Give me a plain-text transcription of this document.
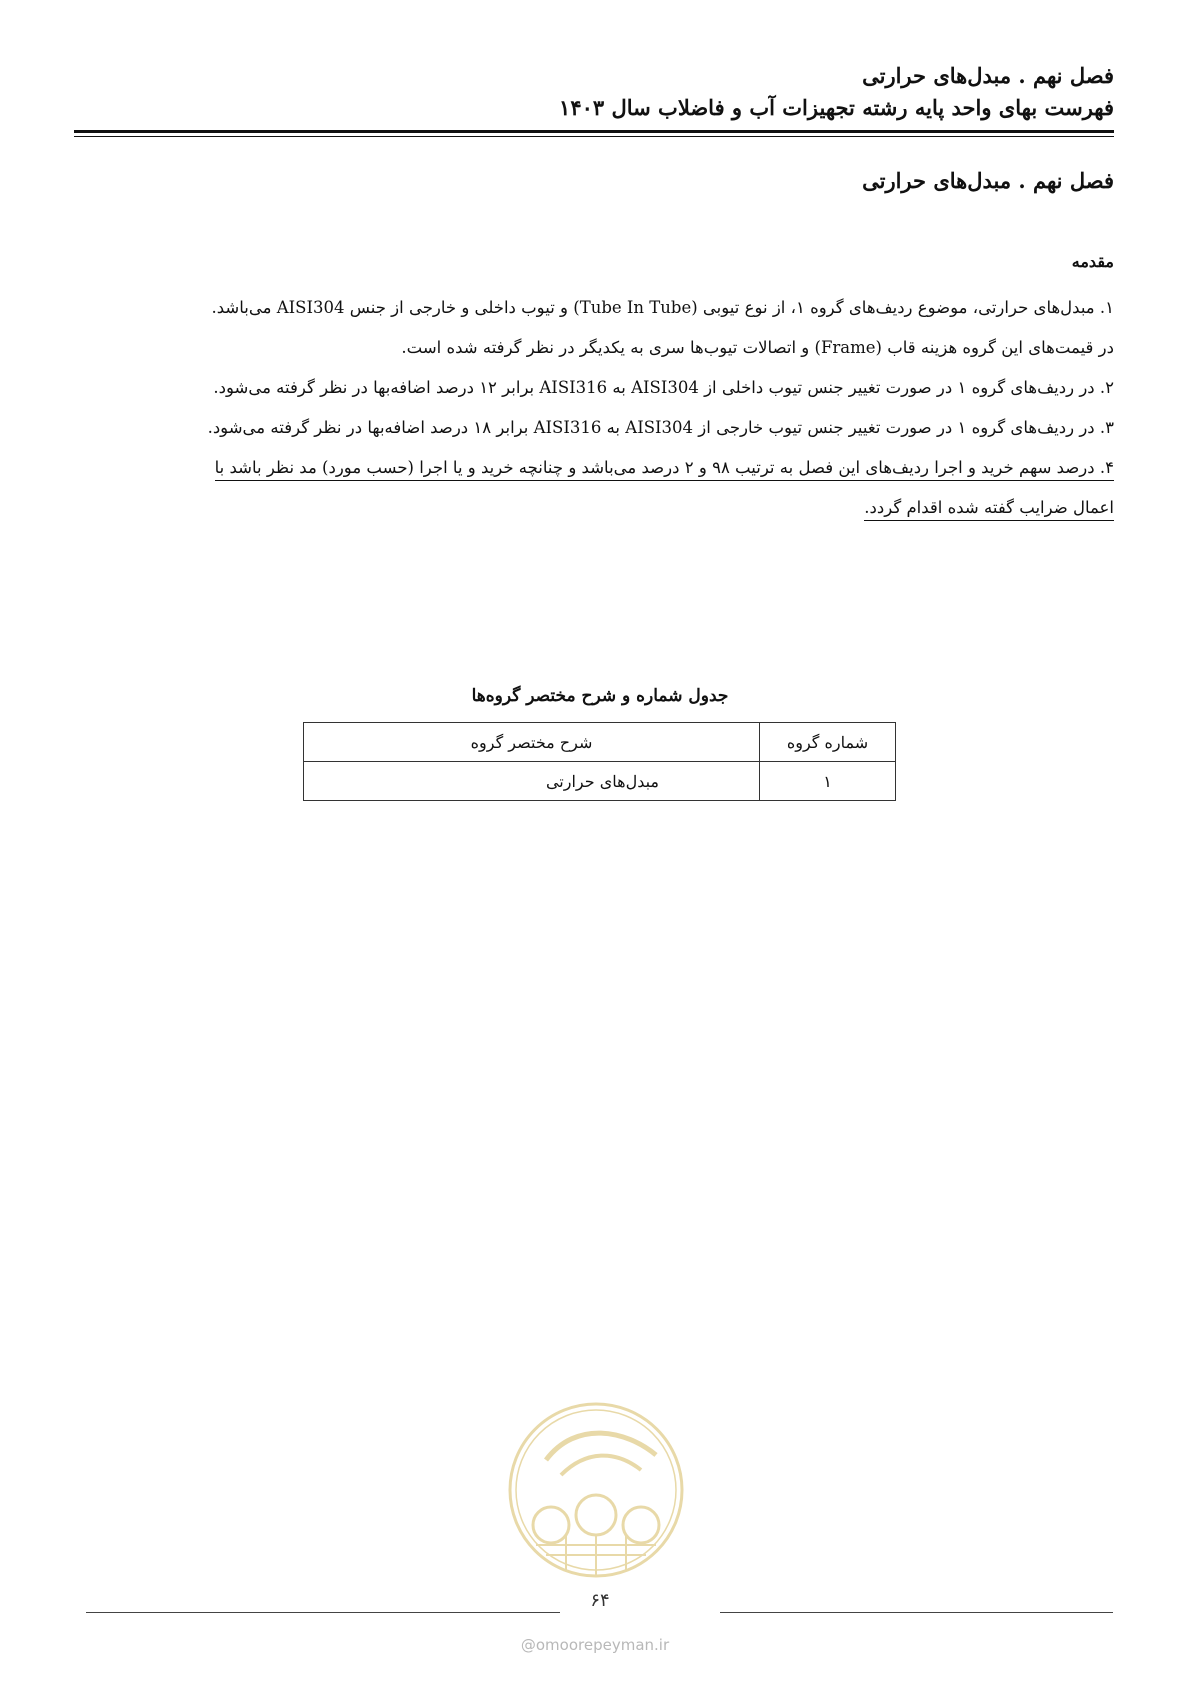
فصل نهم . مبدل‌های حرارتی
فهرست بهای واحد پایه رشته تجهیزات آب و فاضلاب سال ۱۴۰۳
فصل نهم . مبدل‌های حرارتی
مقدمه
۱. مبدل‌های حرارتی، موضوع ردیف‌های گروه ۱، از نوع تیوبی (Tube In Tube) و تیوب داخلی و خارجی از جنس AISI304 می‌باشد.
در قیمت‌های این گروه هزینه قاب (Frame) و اتصالات تیوب‌ها سری به یکدیگر در نظر گرفته شده است.
۲. در ردیف‌های گروه ۱ در صورت تغییر جنس تیوب داخلی از AISI304 به AISI316 برابر ۱۲ درصد اضافه‌بها در نظر گرفته می‌شود.
۳. در ردیف‌های گروه ۱ در صورت تغییر جنس تیوب خارجی از AISI304 به AISI316 برابر ۱۸ درصد اضافه‌بها در نظر گرفته می‌شود.
۴. درصد سهم خرید و اجرا ردیف‌های این فصل به ترتیب ۹۸ و ۲ درصد می‌باشد و چنانچه خرید و یا اجرا (حسب مورد) مد نظر باشد با
اعمال ضرایب گفته شده اقدام گردد.
جدول شماره و شرح مختصر گروه‌ها
شماره گروه	شرح مختصر گروه
۱	مبدل‌های حرارتی
۶۴
@omoorepeyman.ir
